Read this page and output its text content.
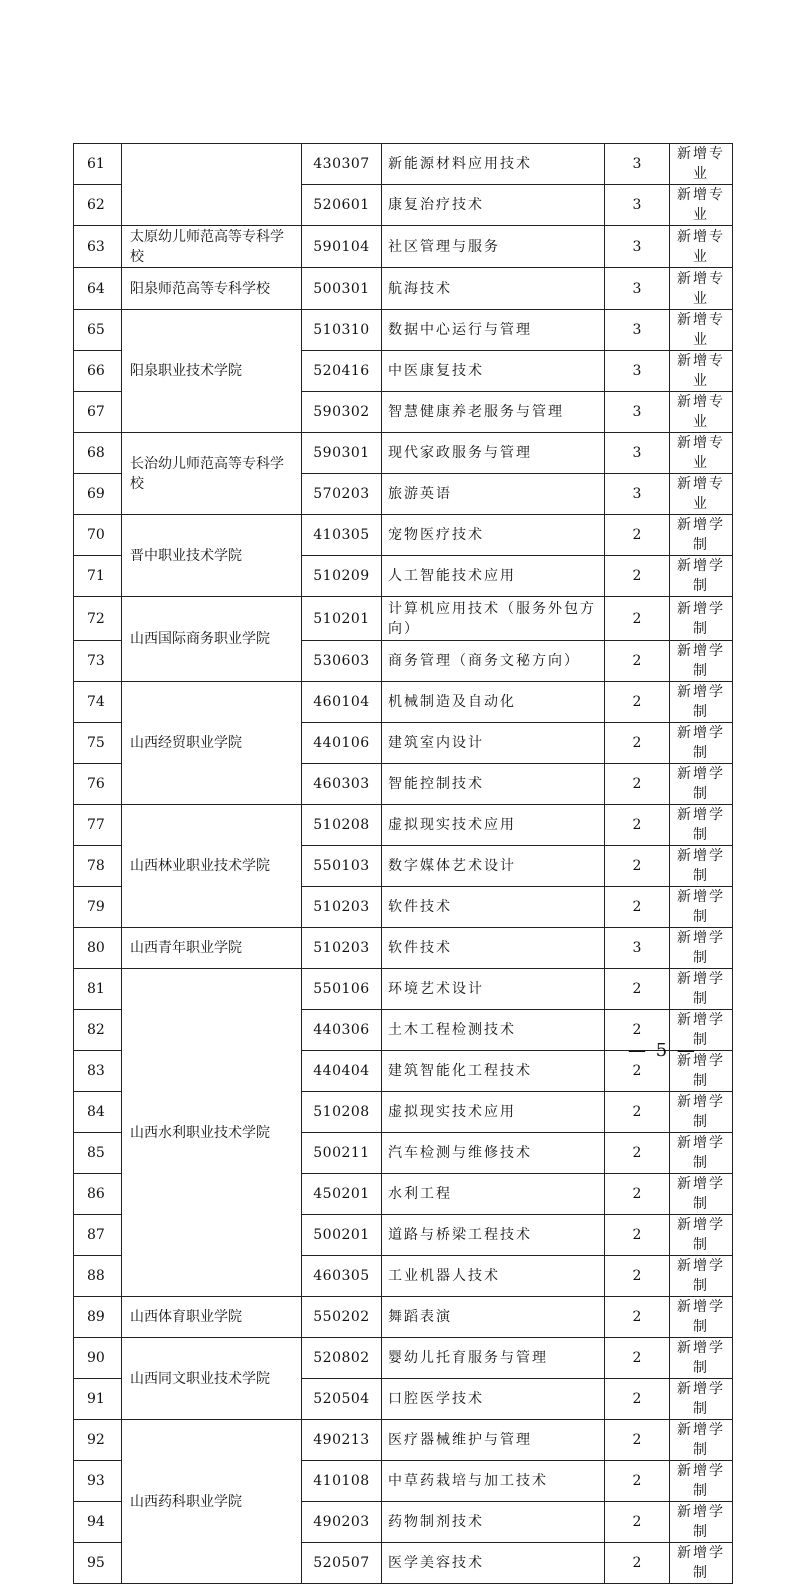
61		430307	新能源材料应用技术	3	新增专业
62		520601	康复治疗技术	3	新增专业
63	太原幼儿师范高等专科学校	590104	社区管理与服务	3	新增专业
64	阳泉师范高等专科学校	500301	航海技术	3	新增专业
65	阳泉职业技术学院	510310	数据中心运行与管理	3	新增专业
66		520416	中医康复技术	3	新增专业
67		590302	智慧健康养老服务与管理	3	新增专业
68	长治幼儿师范高等专科学校	590301	现代家政服务与管理	3	新增专业
69		570203	旅游英语	3	新增专业
70	晋中职业技术学院	410305	宠物医疗技术	2	新增学制
71		510209	人工智能技术应用	2	新增学制
72	山西国际商务职业学院	510201	计算机应用技术（服务外包方向）	2	新增学制
73		530603	商务管理（商务文秘方向）	2	新增学制
74	山西经贸职业学院	460104	机械制造及自动化	2	新增学制
75		440106	建筑室内设计	2	新增学制
76		460303	智能控制技术	2	新增学制
77	山西林业职业技术学院	510208	虚拟现实技术应用	2	新增学制
78		550103	数字媒体艺术设计	2	新增学制
79		510203	软件技术	2	新增学制
80	山西青年职业学院	510203	软件技术	3	新增学制
81	山西水利职业技术学院	550106	环境艺术设计	2	新增学制
82		440306	土木工程检测技术	2	新增学制
83		440404	建筑智能化工程技术	2	新增学制
84		510208	虚拟现实技术应用	2	新增学制
85		500211	汽车检测与维修技术	2	新增学制
86		450201	水利工程	2	新增学制
87		500201	道路与桥梁工程技术	2	新增学制
88		460305	工业机器人技术	2	新增学制
89	山西体育职业学院	550202	舞蹈表演	2	新增学制
90	山西同文职业技术学院	520802	婴幼儿托育服务与管理	2	新增学制
91		520504	口腔医学技术	2	新增学制
92	山西药科职业学院	490213	医疗器械维护与管理	2	新增学制
93		410108	中草药栽培与加工技术	2	新增学制
94		490203	药物制剂技术	2	新增学制
95		520507	医学美容技术	2	新增学制
— 5 —
